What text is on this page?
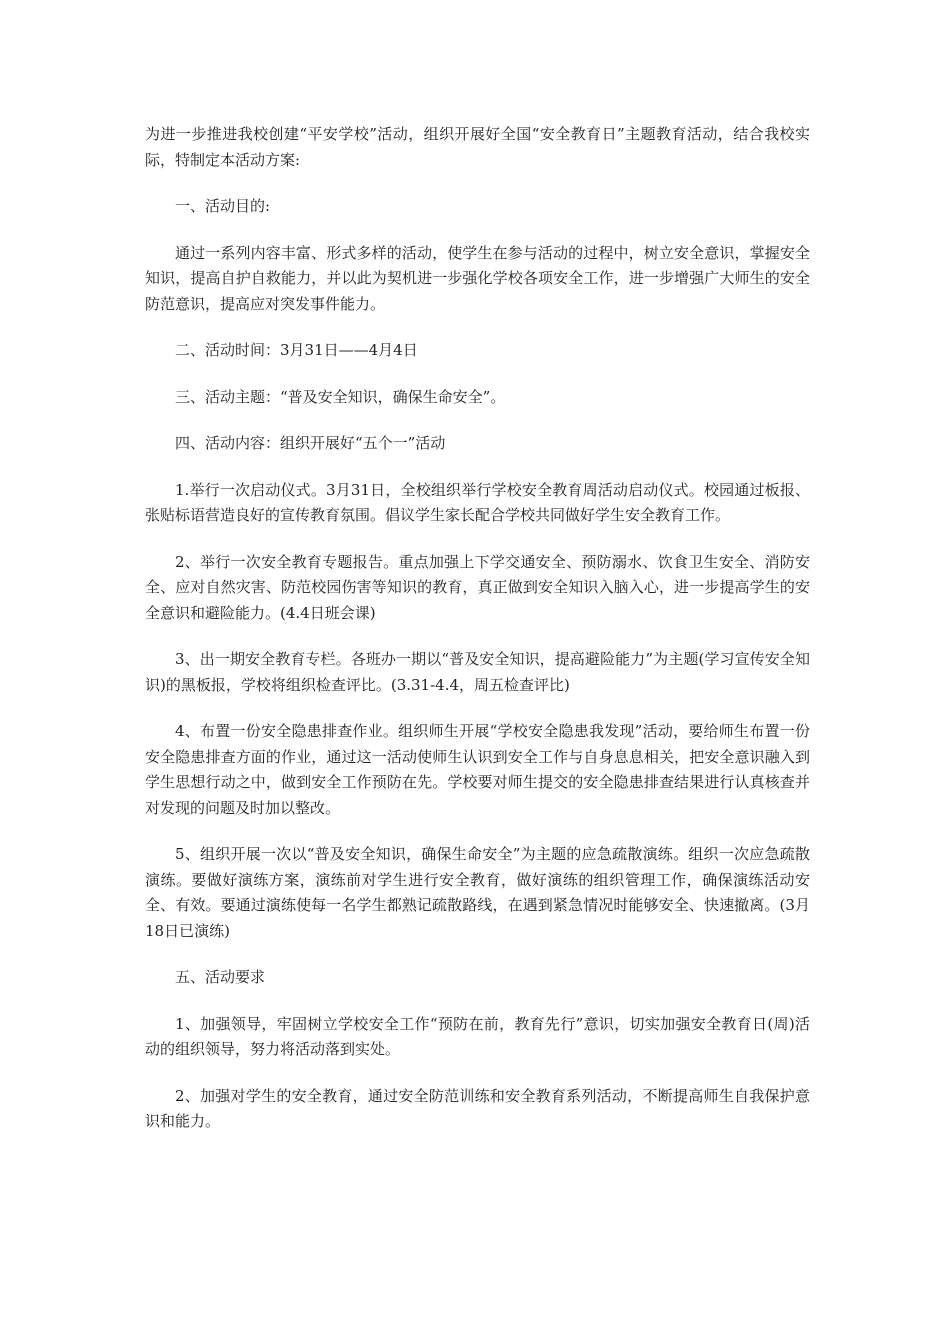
为进一步推进我校创建“平安学校”活动，组织开展好全国“安全教育日”主题教育活动，结合我校实际，特制定本活动方案:

一、活动目的:

通过一系列内容丰富、形式多样的活动，使学生在参与活动的过程中，树立安全意识，掌握安全知识，提高自护自救能力，并以此为契机进一步强化学校各项安全工作，进一步增强广大师生的安全防范意识，提高应对突发事件能力。

二、活动时间：3月31日——4月4日

三、活动主题：“普及安全知识，确保生命安全”。

四、活动内容：组织开展好“五个一”活动

1.举行一次启动仪式。3月31日，全校组织举行学校安全教育周活动启动仪式。校园通过板报、张贴标语营造良好的宣传教育氛围。倡议学生家长配合学校共同做好学生安全教育工作。

2、举行一次安全教育专题报告。重点加强上下学交通安全、预防溺水、饮食卫生安全、消防安全、应对自然灾害、防范校园伤害等知识的教育，真正做到安全知识入脑入心，进一步提高学生的安全意识和避险能力。(4.4日班会课)

3、出一期安全教育专栏。各班办一期以“普及安全知识，提高避险能力”为主题(学习宣传安全知识)的黑板报，学校将组织检查评比。(3.31-4.4，周五检查评比)

4、布置一份安全隐患排查作业。组织师生开展“学校安全隐患我发现”活动，要给师生布置一份安全隐患排查方面的作业，通过这一活动使师生认识到安全工作与自身息息相关，把安全意识融入到学生思想行动之中，做到安全工作预防在先。学校要对师生提交的安全隐患排查结果进行认真核查并对发现的问题及时加以整改。

5、组织开展一次以“普及安全知识，确保生命安全”为主题的应急疏散演练。组织一次应急疏散演练。要做好演练方案，演练前对学生进行安全教育，做好演练的组织管理工作，确保演练活动安全、有效。要通过演练使每一名学生都熟记疏散路线，在遇到紧急情况时能够安全、快速撤离。(3月18日已演练)

五、活动要求

1、加强领导，牢固树立学校安全工作“预防在前，教育先行”意识，切实加强安全教育日(周)活动的组织领导，努力将活动落到实处。

2、加强对学生的安全教育，通过安全防范训练和安全教育系列活动，不断提高师生自我保护意识和能力。
